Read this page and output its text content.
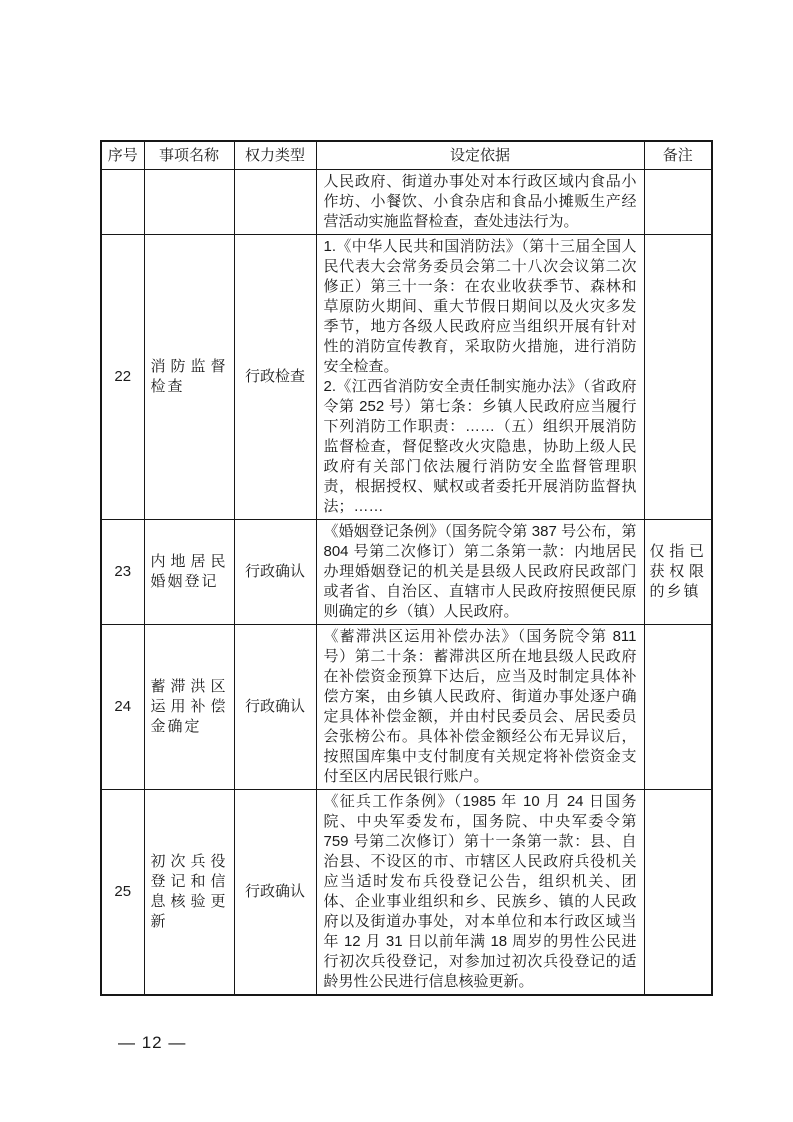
序号	事项名称	权力类型	设定依据	备注

			人民政府、街道办事处对本行政区域内食品小作坊、小餐饮、小食杂店和食品小摊贩生产经营活动实施监督检查，查处违法行为。	

22	消防监督检查	行政检查	1.《中华人民共和国消防法》（第十三届全国人民代表大会常务委员会第二十八次会议第二次修正）第三十一条：在农业收获季节、森林和草原防火期间、重大节假日期间以及火灾多发季节，地方各级人民政府应当组织开展有针对性的消防宣传教育，采取防火措施，进行消防安全检查。
2.《江西省消防安全责任制实施办法》（省政府令第 252 号）第七条：乡镇人民政府应当履行下列消防工作职责：……（五）组织开展消防监督检查，督促整改火灾隐患，协助上级人民政府有关部门依法履行消防安全监督管理职责，根据授权、赋权或者委托开展消防监督执法；……	

23	内地居民婚姻登记	行政确认	《婚姻登记条例》（国务院令第 387 号公布，第 804 号第二次修订）第二条第一款：内地居民办理婚姻登记的机关是县级人民政府民政部门或者省、自治区、直辖市人民政府按照便民原则确定的乡（镇）人民政府。	仅指已获权限的乡镇
24	蓄滞洪区运用补偿金确定	行政确认	《蓄滞洪区运用补偿办法》（国务院令第 811 号）第二十条：蓄滞洪区所在地县级人民政府在补偿资金预算下达后，应当及时制定具体补偿方案，由乡镇人民政府、街道办事处逐户确定具体补偿金额，并由村民委员会、居民委员会张榜公布。具体补偿金额经公布无异议后，按照国库集中支付制度有关规定将补偿资金支付至区内居民银行账户。	

25	初次兵役登记和信息核验更新	行政确认	《征兵工作条例》（1985 年 10 月 24 日国务院、中央军委发布，国务院、中央军委令第 759 号第二次修订）第十一条第一款：县、自治县、不设区的市、市辖区人民政府兵役机关应当适时发布兵役登记公告，组织机关、团体、企业事业组织和乡、民族乡、镇的人民政府以及街道办事处，对本单位和本行政区域当年 12 月 31 日以前年满 18 周岁的男性公民进行初次兵役登记，对参加过初次兵役登记的适龄男性公民进行信息核验更新。	

— 12 —
